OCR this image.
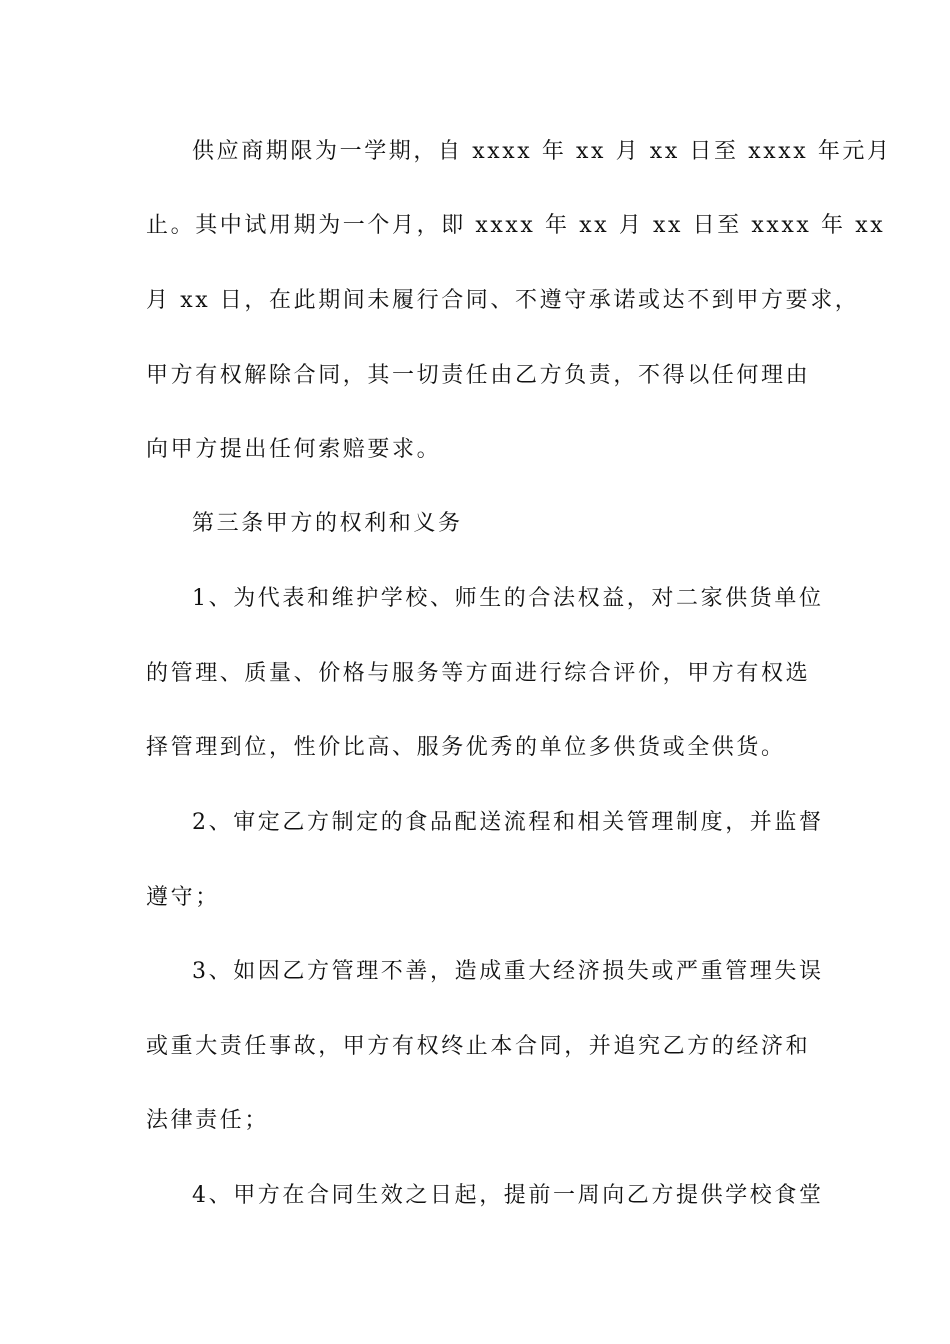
供应商期限为一学期，自 xxxx 年 xx 月 xx 日至 xxxx 年元月
止。其中试用期为一个月，即 xxxx 年 xx 月 xx 日至 xxxx 年 xx
月 xx 日，在此期间未履行合同、不遵守承诺或达不到甲方要求，
甲方有权解除合同，其一切责任由乙方负责，不得以任何理由
向甲方提出任何索赔要求。
第三条甲方的权利和义务
1、为代表和维护学校、师生的合法权益，对二家供货单位
的管理、质量、价格与服务等方面进行综合评价，甲方有权选
择管理到位，性价比高、服务优秀的单位多供货或全供货。
2、审定乙方制定的食品配送流程和相关管理制度，并监督
遵守；
3、如因乙方管理不善，造成重大经济损失或严重管理失误
或重大责任事故，甲方有权终止本合同，并追究乙方的经济和
法律责任；
4、甲方在合同生效之日起，提前一周向乙方提供学校食堂
